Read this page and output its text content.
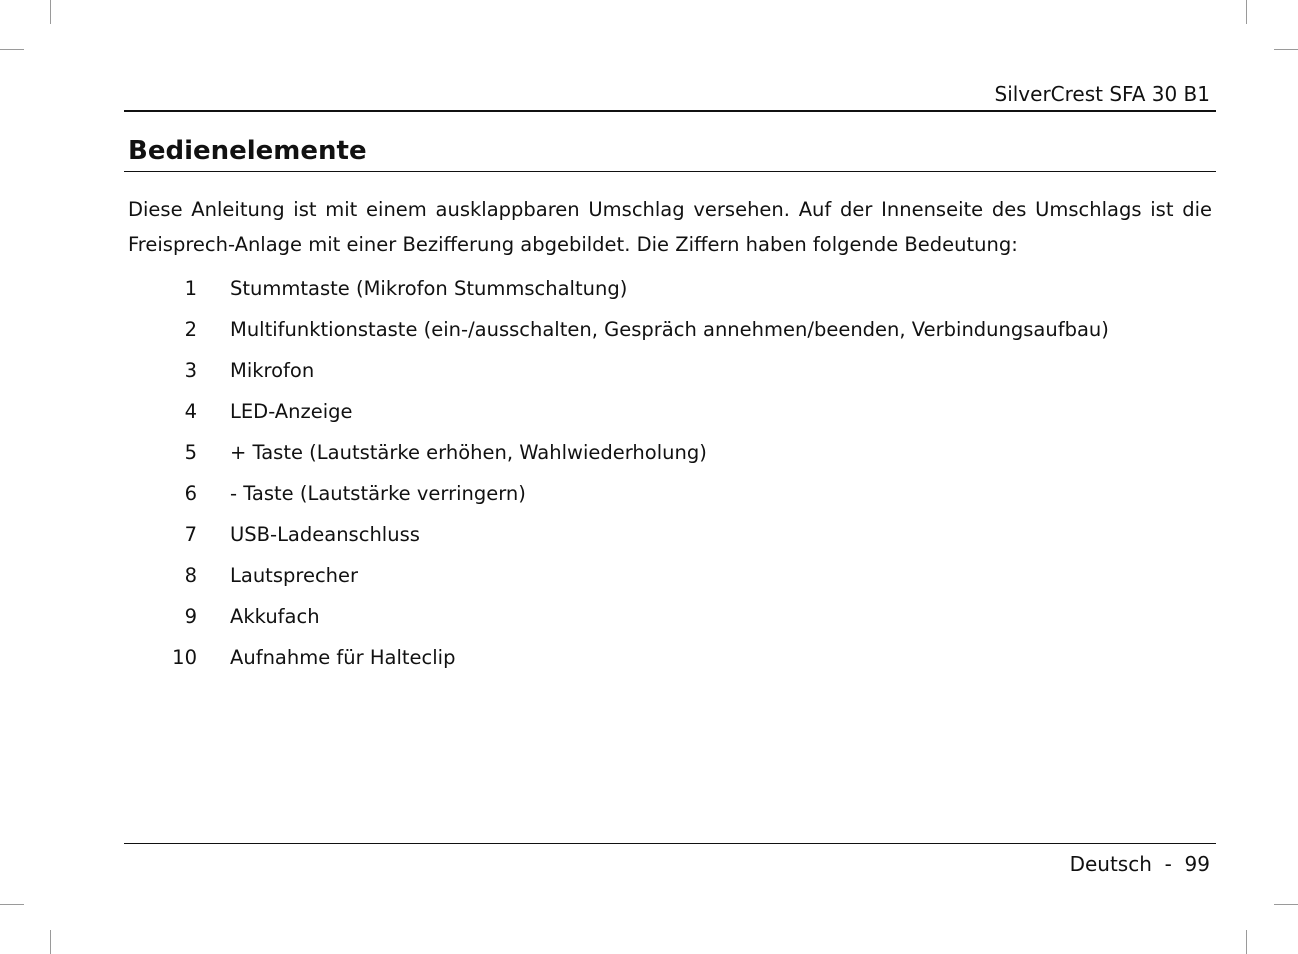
SilverCrest SFA 30 B1
Bedienelemente

Diese Anleitung ist mit einem ausklappbaren Umschlag versehen. Auf der Innenseite des Umschlags ist die Freisprech-Anlage mit einer Bezifferung abgebildet. Die Ziffern haben folgende Bedeutung:

1 Stummtaste (Mikrofon Stummschaltung)
2 Multifunktionstaste (ein-/ausschalten, Gespräch annehmen/beenden, Verbindungsaufbau)
3 Mikrofon
4 LED-Anzeige
5 + Taste (Lautstärke erhöhen, Wahlwiederholung)
6 - Taste (Lautstärke verringern)
7 USB-Ladeanschluss
8 Lautsprecher
9 Akkufach
10 Aufnahme für Halteclip
Deutsch  -  99
